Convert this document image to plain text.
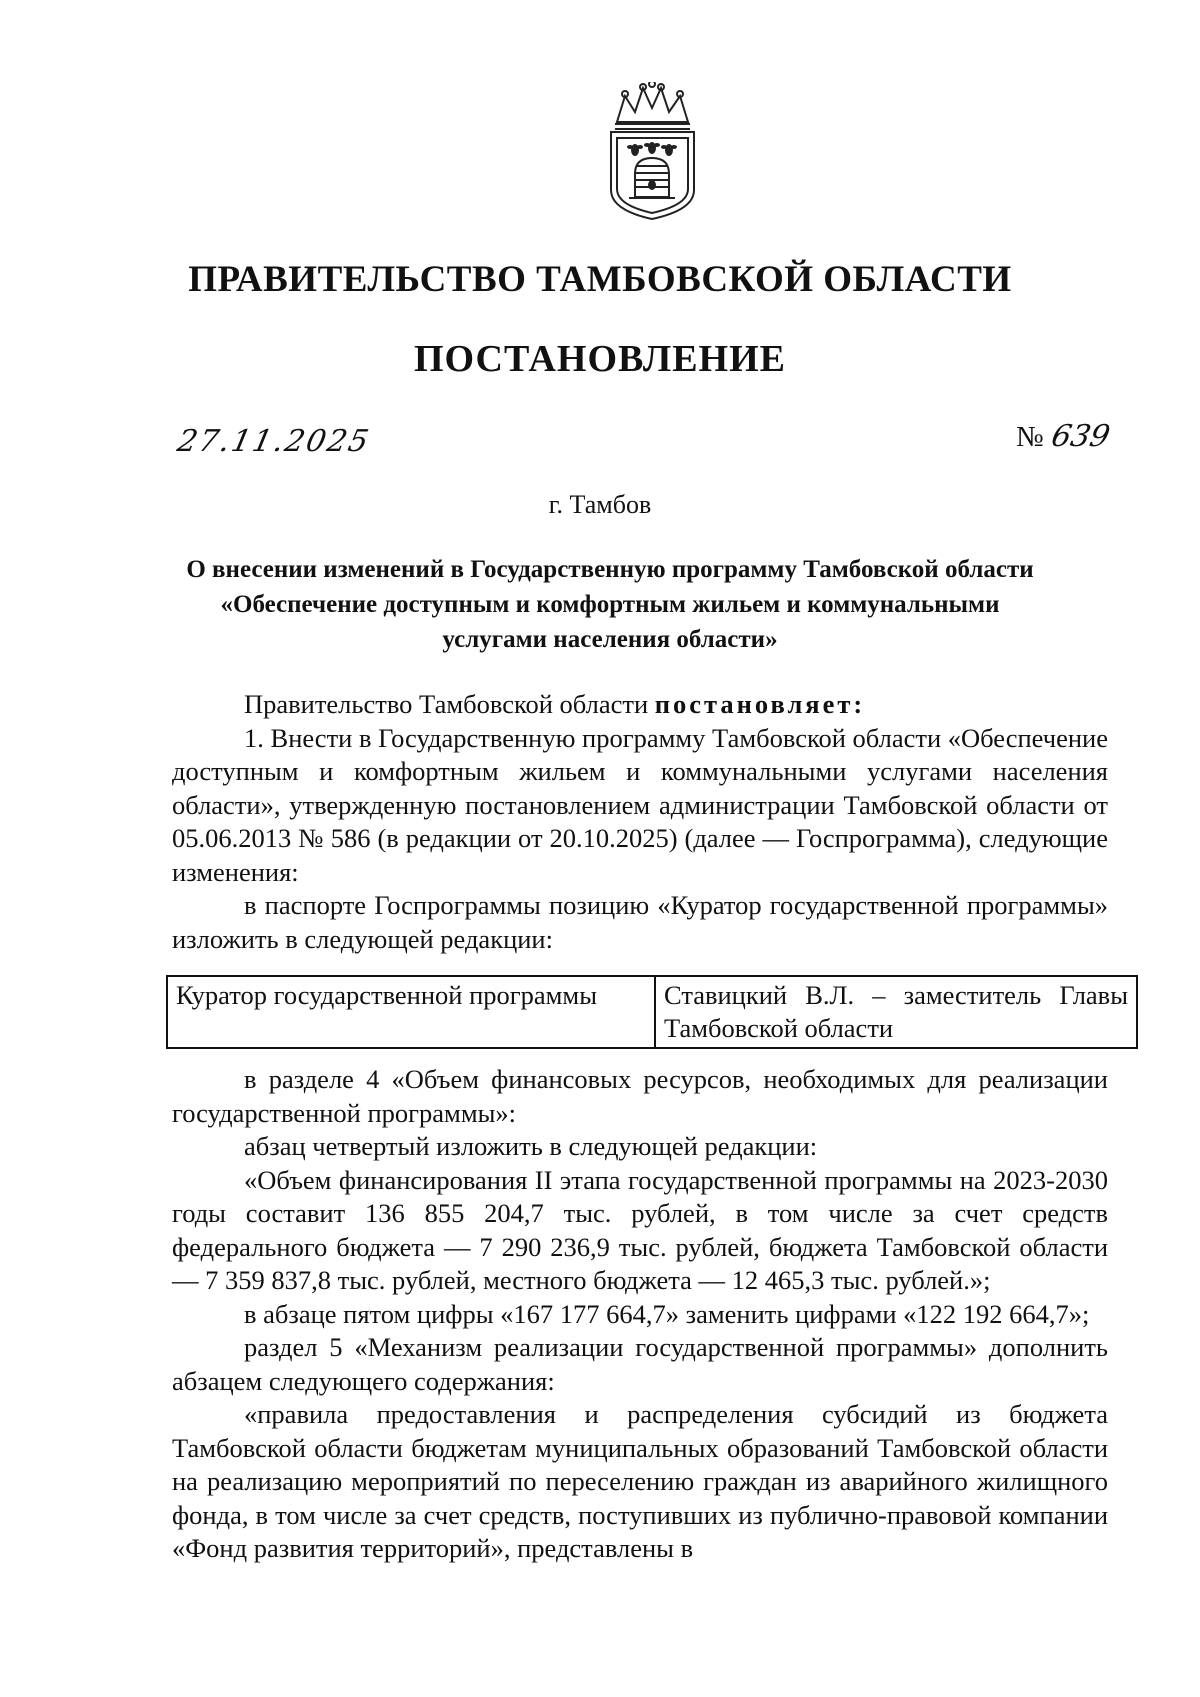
ПРАВИТЕЛЬСТВО ТАМБОВСКОЙ ОБЛАСТИ
ПОСТАНОВЛЕНИЕ
27.11.2025	№ 639
г. Тамбов
О внесении изменений в Государственную программу Тамбовской области
«Обеспечение доступным и комфортным жильем и коммунальными
услугами населения области»

Правительство Тамбовской области постановляет:

1. Внести в Государственную программу Тамбовской области «Обеспечение доступным и комфортным жильем и коммунальными услугами населения области», утвержденную постановлением администрации Тамбовской области от 05.06.2013 № 586 (в редакции от 20.10.2025) (далее — Госпрограмма), следующие изменения:

в паспорте Госпрограммы позицию «Куратор государственной программы» изложить в следующей редакции:

Куратор государственной программы	Ставицкий В.Л. – заместитель Главы Тамбовской области

в разделе 4 «Объем финансовых ресурсов, необходимых для реализации государственной программы»:

абзац четвертый изложить в следующей редакции:

«Объем финансирования II этапа государственной программы на 2023-2030 годы составит 136 855 204,7 тыс. рублей, в том числе за счет средств федерального бюджета — 7 290 236,9 тыс. рублей, бюджета Тамбовской области — 7 359 837,8 тыс. рублей, местного бюджета — 12 465,3 тыс. рублей.»;

в абзаце пятом цифры «167 177 664,7» заменить цифрами «122 192 664,7»;

раздел 5 «Механизм реализации государственной программы» дополнить абзацем следующего содержания:

«правила предоставления и распределения субсидий из бюджета Тамбовской области бюджетам муниципальных образований Тамбовской области на реализацию мероприятий по переселению граждан из аварийного жилищного фонда, в том числе за счет средств, поступивших из публично-правовой компании «Фонд развития территорий», представлены в
